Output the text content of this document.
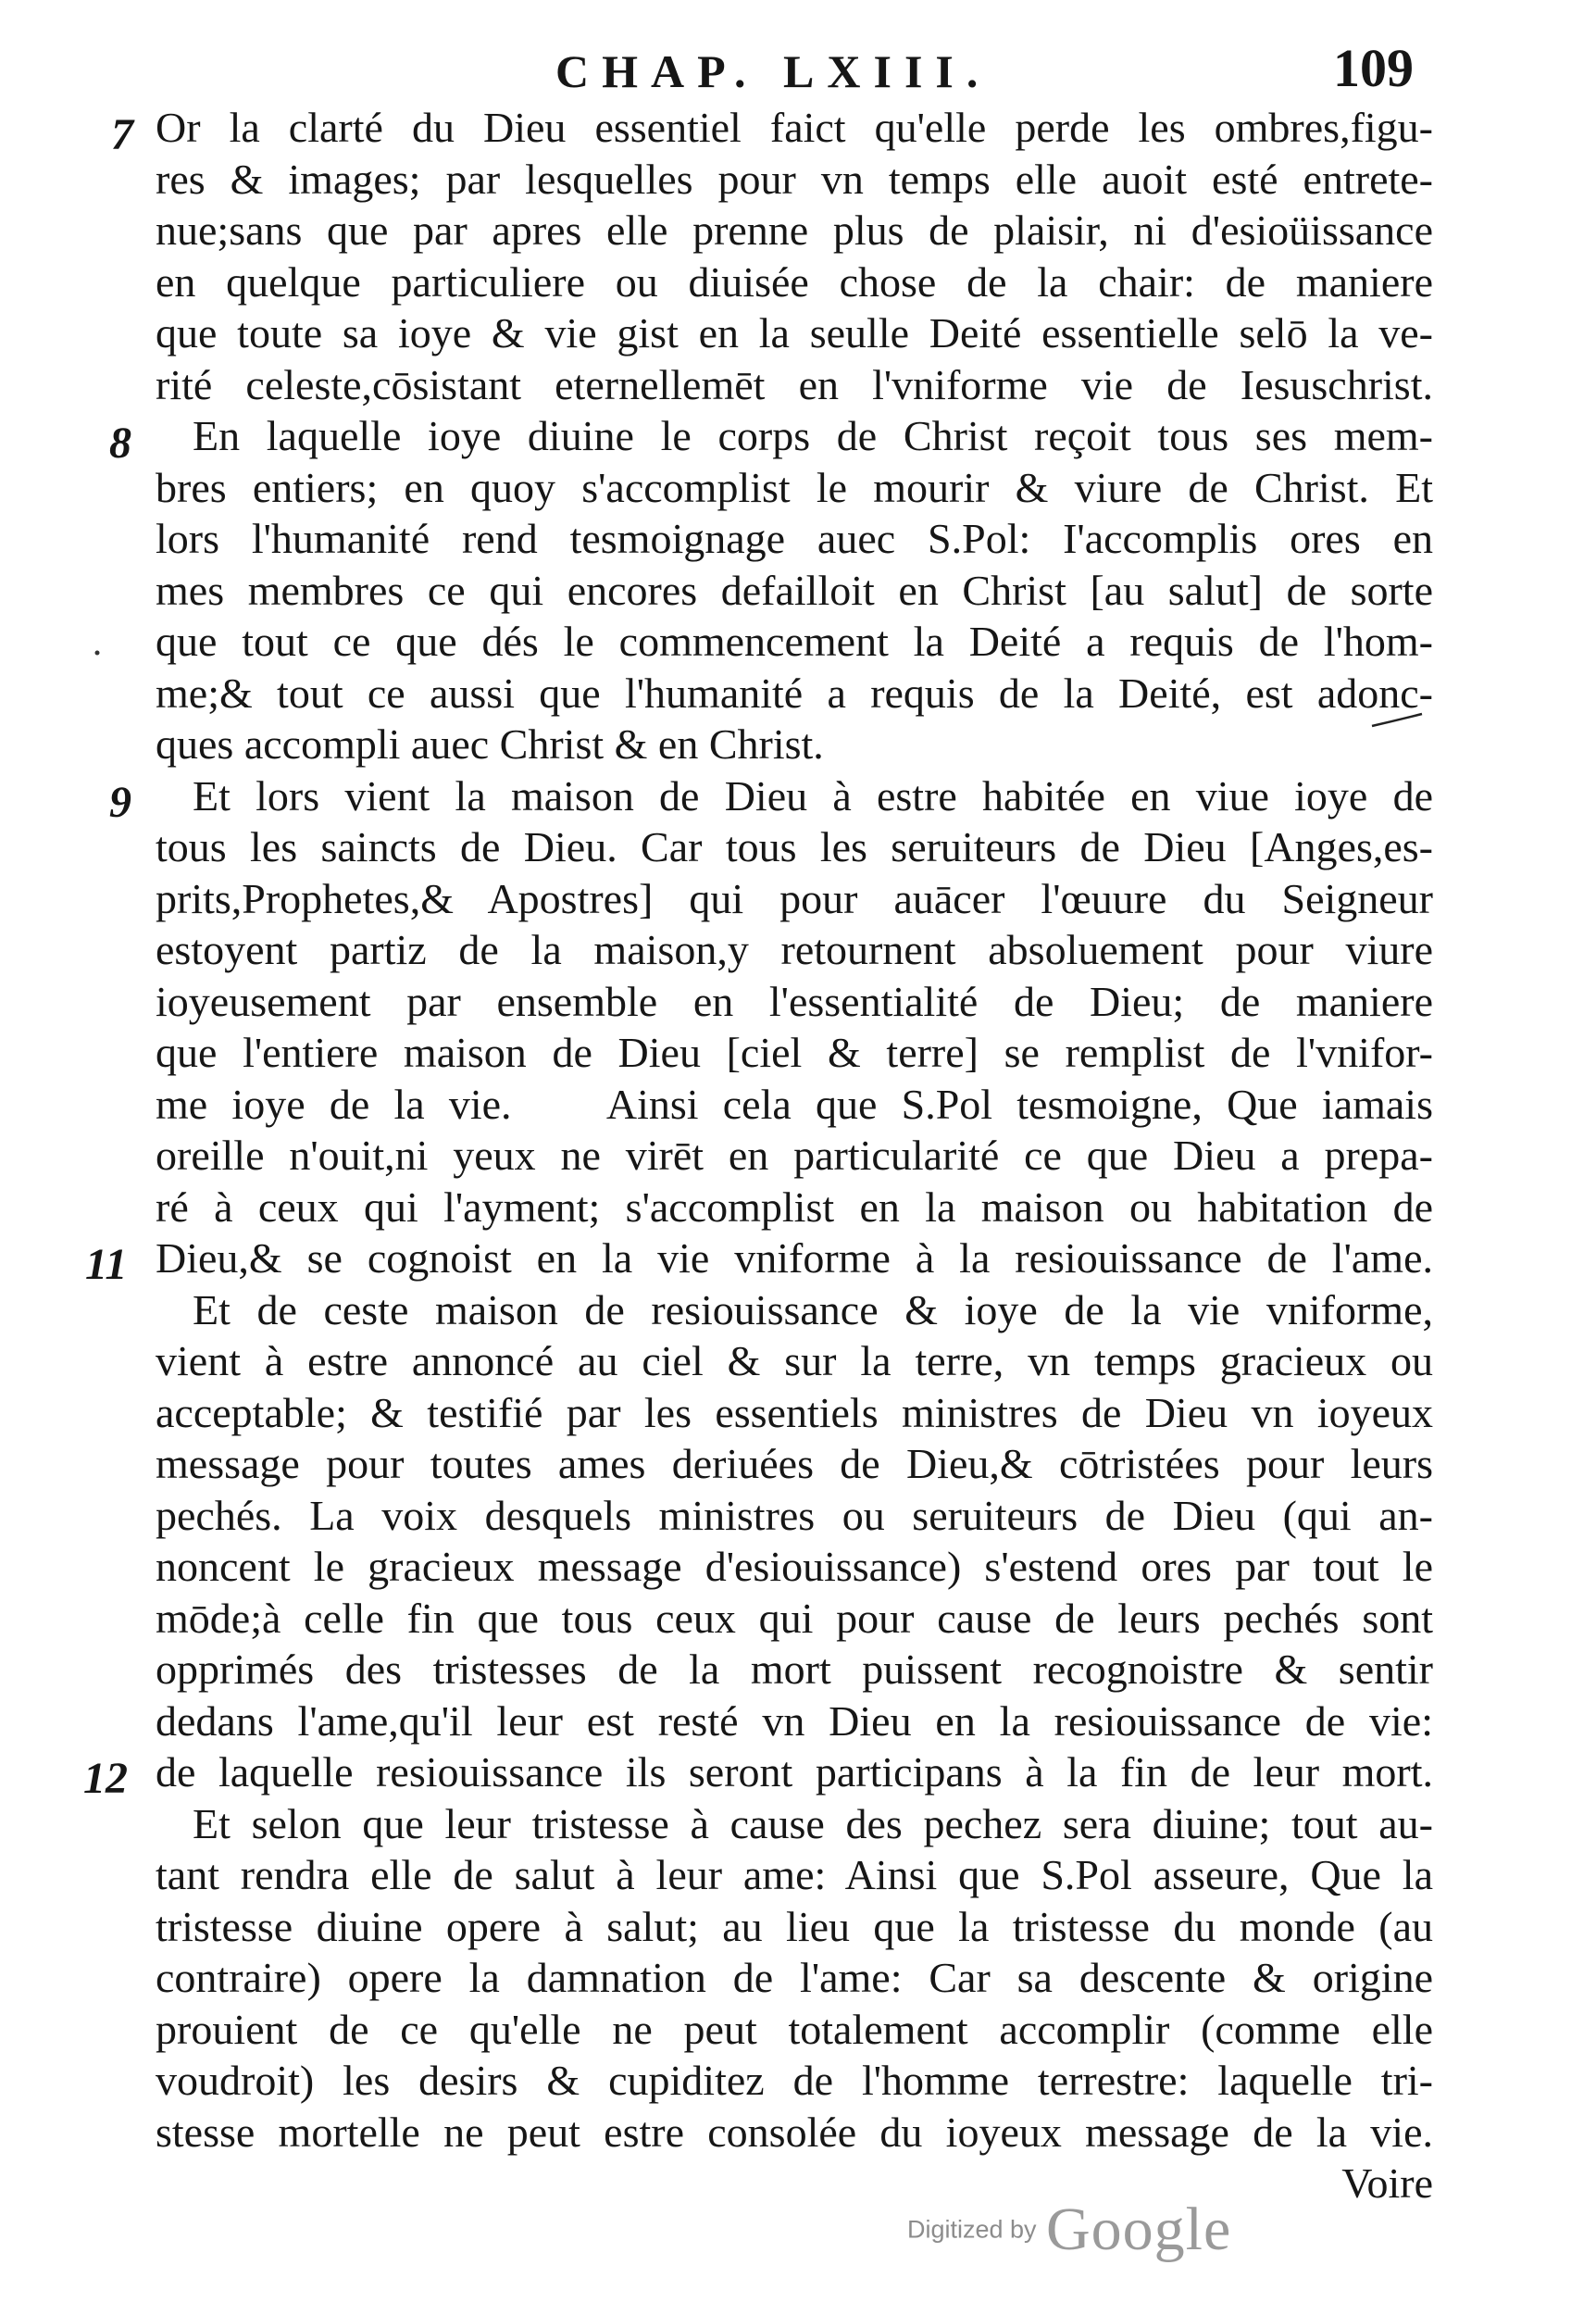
CHAP. LXIII.	109
7
8
9
11
12
Or la clarté du Dieu essentiel faict qu'elle perde les ombres,figu-
res & images; par lesquelles pour vn temps elle auoit esté entrete-
nue;sans que par apres elle prenne plus de plaisir, ni d'esioüissance
en quelque particuliere ou diuisée chose de la chair: de maniere
que toute sa ioye & vie gist en la seulle Deité essentielle selō la ve-
rité celeste,cōsistant eternellemēt en l'vniforme vie de Iesuschrist.
En laquelle ioye diuine le corps de Christ reçoit tous ses mem-
bres entiers; en quoy s'accomplist le mourir & viure de Christ. Et
lors l'humanité rend tesmoignage auec S.Pol: I'accomplis ores en
mes membres ce qui encores defailloit en Christ [au salut] de sorte
que tout ce que dés le commencement la Deité a requis de l'hom-
me;& tout ce aussi que l'humanité a requis de la Deité, est adonc-
ques accompli auec Christ & en Christ.
Et lors vient la maison de Dieu à estre habitée en viue ioye de
tous les saincts de Dieu. Car tous les seruiteurs de Dieu [Anges,es-
prits,Prophetes,& Apostres] qui pour auācer l'œuure du Seigneur
estoyent partiz de la maison,y retournent absoluement pour viure
ioyeusement par ensemble en l'essentialité de Dieu; de maniere
que l'entiere maison de Dieu [ciel & terre] se remplist de l'vnifor-
me ioye de la vie.    Ainsi cela que S.Pol tesmoigne, Que iamais
oreille n'ouit,ni yeux ne virēt en particularité ce que Dieu a prepa-
ré à ceux qui l'ayment; s'accomplist en la maison ou habitation de
Dieu,& se cognoist en la vie vniforme à la resiouissance de l'ame.
Et de ceste maison de resiouissance & ioye de la vie vniforme,
vient à estre annoncé au ciel & sur la terre, vn temps gracieux ou
acceptable; & testifié par les essentiels ministres de Dieu vn ioyeux
message pour toutes ames deriuées de Dieu,& cōtristées pour leurs
pechés. La voix desquels ministres ou seruiteurs de Dieu (qui an-
noncent le gracieux message d'esiouissance) s'estend ores par tout le
mōde;à celle fin que tous ceux qui pour cause de leurs pechés sont
opprimés des tristesses de la mort puissent recognoistre & sentir
dedans l'ame,qu'il leur est resté vn Dieu en la resiouissance de vie:
de laquelle resiouissance ils seront participans à la fin de leur mort.
Et selon que leur tristesse à cause des pechez sera diuine; tout au-
tant rendra elle de salut à leur ame: Ainsi que S.Pol asseure, Que la
tristesse diuine opere à salut; au lieu que la tristesse du monde (au
contraire) opere la damnation de l'ame: Car sa descente & origine
prouient de ce qu'elle ne peut totalement accomplir (comme elle
voudroit) les desirs & cupiditez de l'homme terrestre: laquelle tri-
stesse mortelle ne peut estre consolée du ioyeux message de la vie.
Voire
Digitized by Google
